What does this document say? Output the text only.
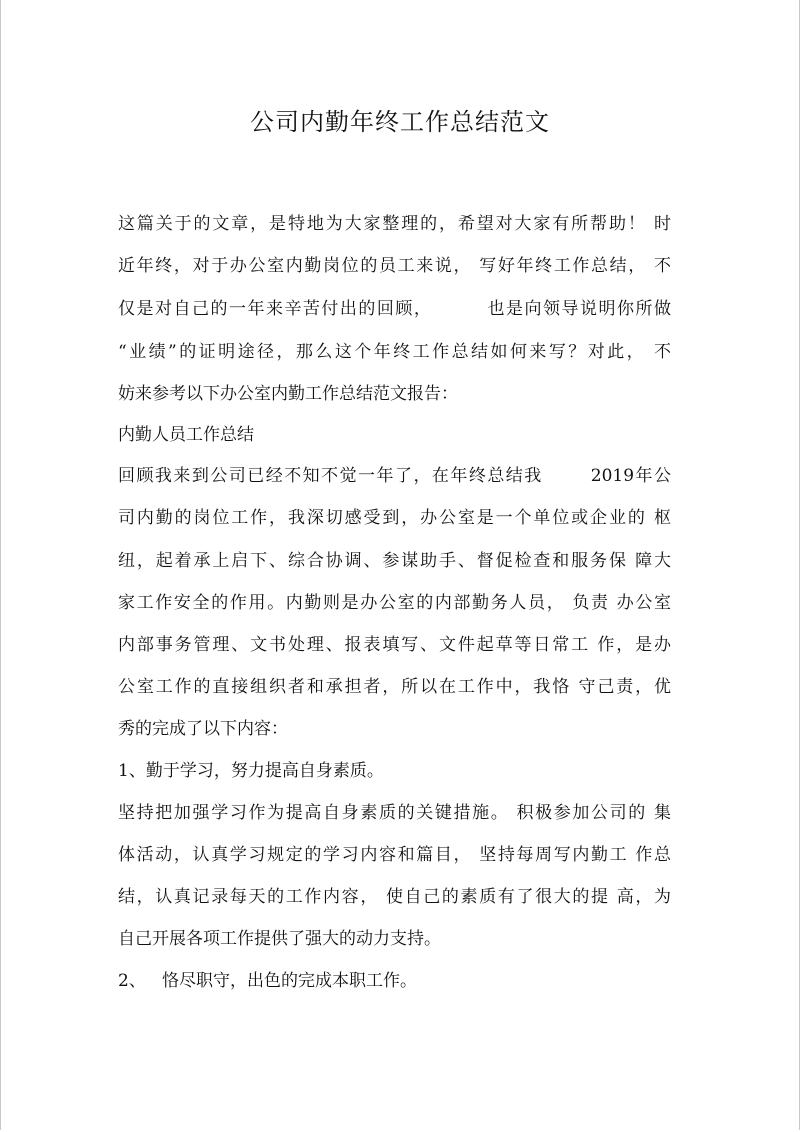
公司内勤年终工作总结范文
这篇关于的文章，是特地为大家整理的，希望对大家有所帮助！ 时
近年终，对于办公室内勤岗位的员工来说， 写好年终工作总结， 不
仅是对自己的一年来辛苦付出的回顾，        也是向领导说明你所做
“业绩”的证明途径，那么这个年终工作总结如何来写？对此， 不
妨来参考以下办公室内勤工作总结范文报告：
内勤人员工作总结
回顾我来到公司已经不知不觉一年了，在年终总结我       2019年公
司内勤的岗位工作，我深切感受到，办公室是一个单位或企业的 枢
纽，起着承上启下、综合协调、参谋助手、督促检查和服务保 障大
家工作安全的作用。内勤则是办公室的内部勤务人员， 负责 办公室
内部事务管理、文书处理、报表填写、文件起草等日常工 作，是办
公室工作的直接组织者和承担者，所以在工作中，我恪 守己责，优
秀的完成了以下内容：
1、勤于学习，努力提高自身素质。
坚持把加强学习作为提高自身素质的关键措施。 积极参加公司的 集
体活动，认真学习规定的学习内容和篇目， 坚持每周写内勤工 作总
结，认真记录每天的工作内容， 使自己的素质有了很大的提 高，为
自己开展各项工作提供了强大的动力支持。
2、   恪尽职守，出色的完成本职工作。
